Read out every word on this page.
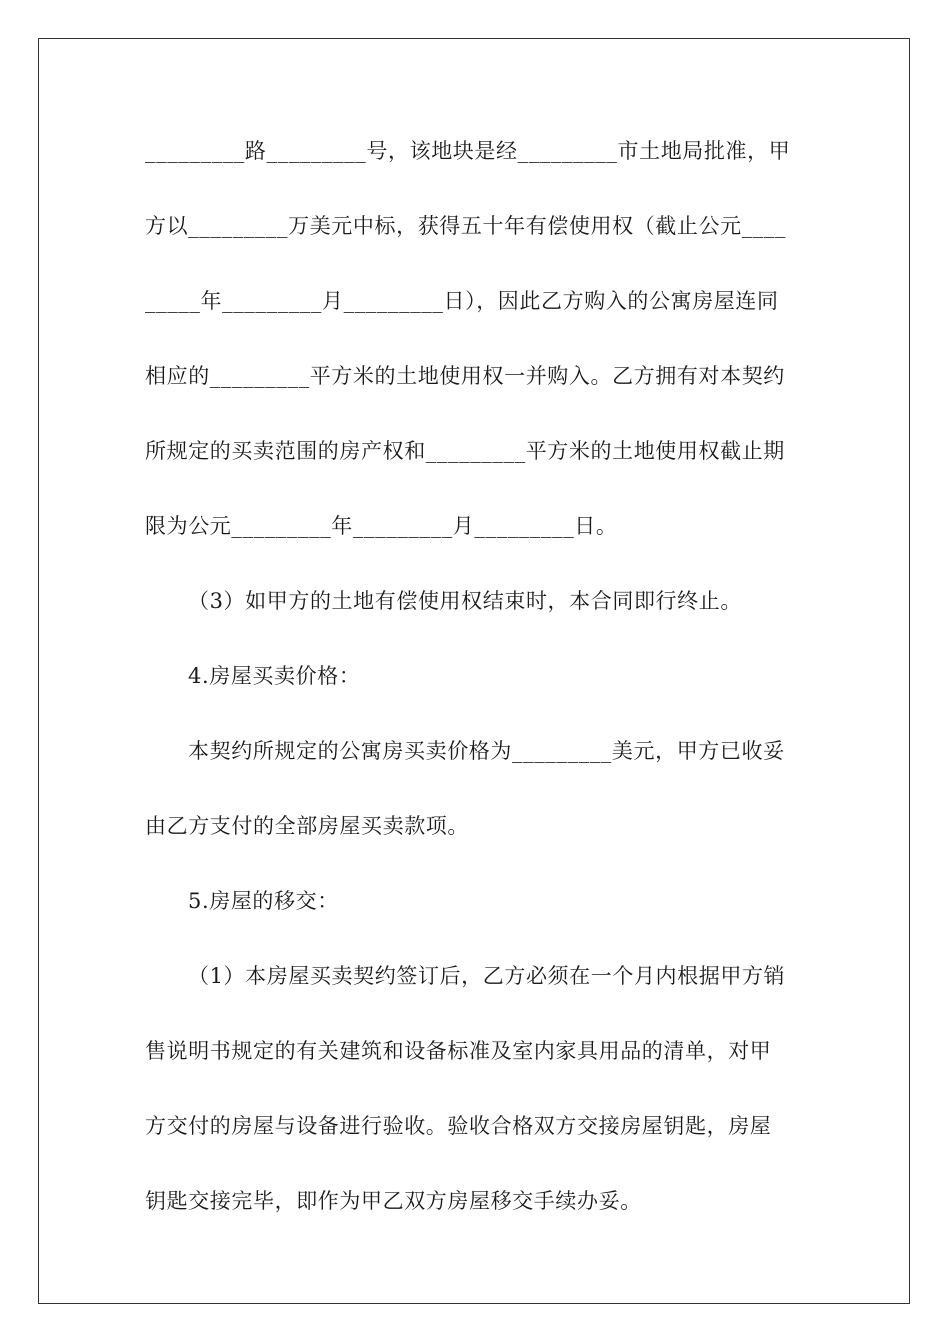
_________路_________号，该地块是经_________市土地局批准，甲
方以_________万美元中标，获得五十年有偿使用权（截止公元____
_____年_________月_________日），因此乙方购入的公寓房屋连同
相应的_________平方米的土地使用权一并购入。乙方拥有对本契约
所规定的买卖范围的房产权和_________平方米的土地使用权截止期
限为公元_________年_________月_________日。
（3）如甲方的土地有偿使用权结束时，本合同即行终止。
4.房屋买卖价格：
本契约所规定的公寓房买卖价格为_________美元，甲方已收妥
由乙方支付的全部房屋买卖款项。
5.房屋的移交：
（1）本房屋买卖契约签订后，乙方必须在一个月内根据甲方销
售说明书规定的有关建筑和设备标准及室内家具用品的清单，对甲
方交付的房屋与设备进行验收。验收合格双方交接房屋钥匙，房屋
钥匙交接完毕，即作为甲乙双方房屋移交手续办妥。
